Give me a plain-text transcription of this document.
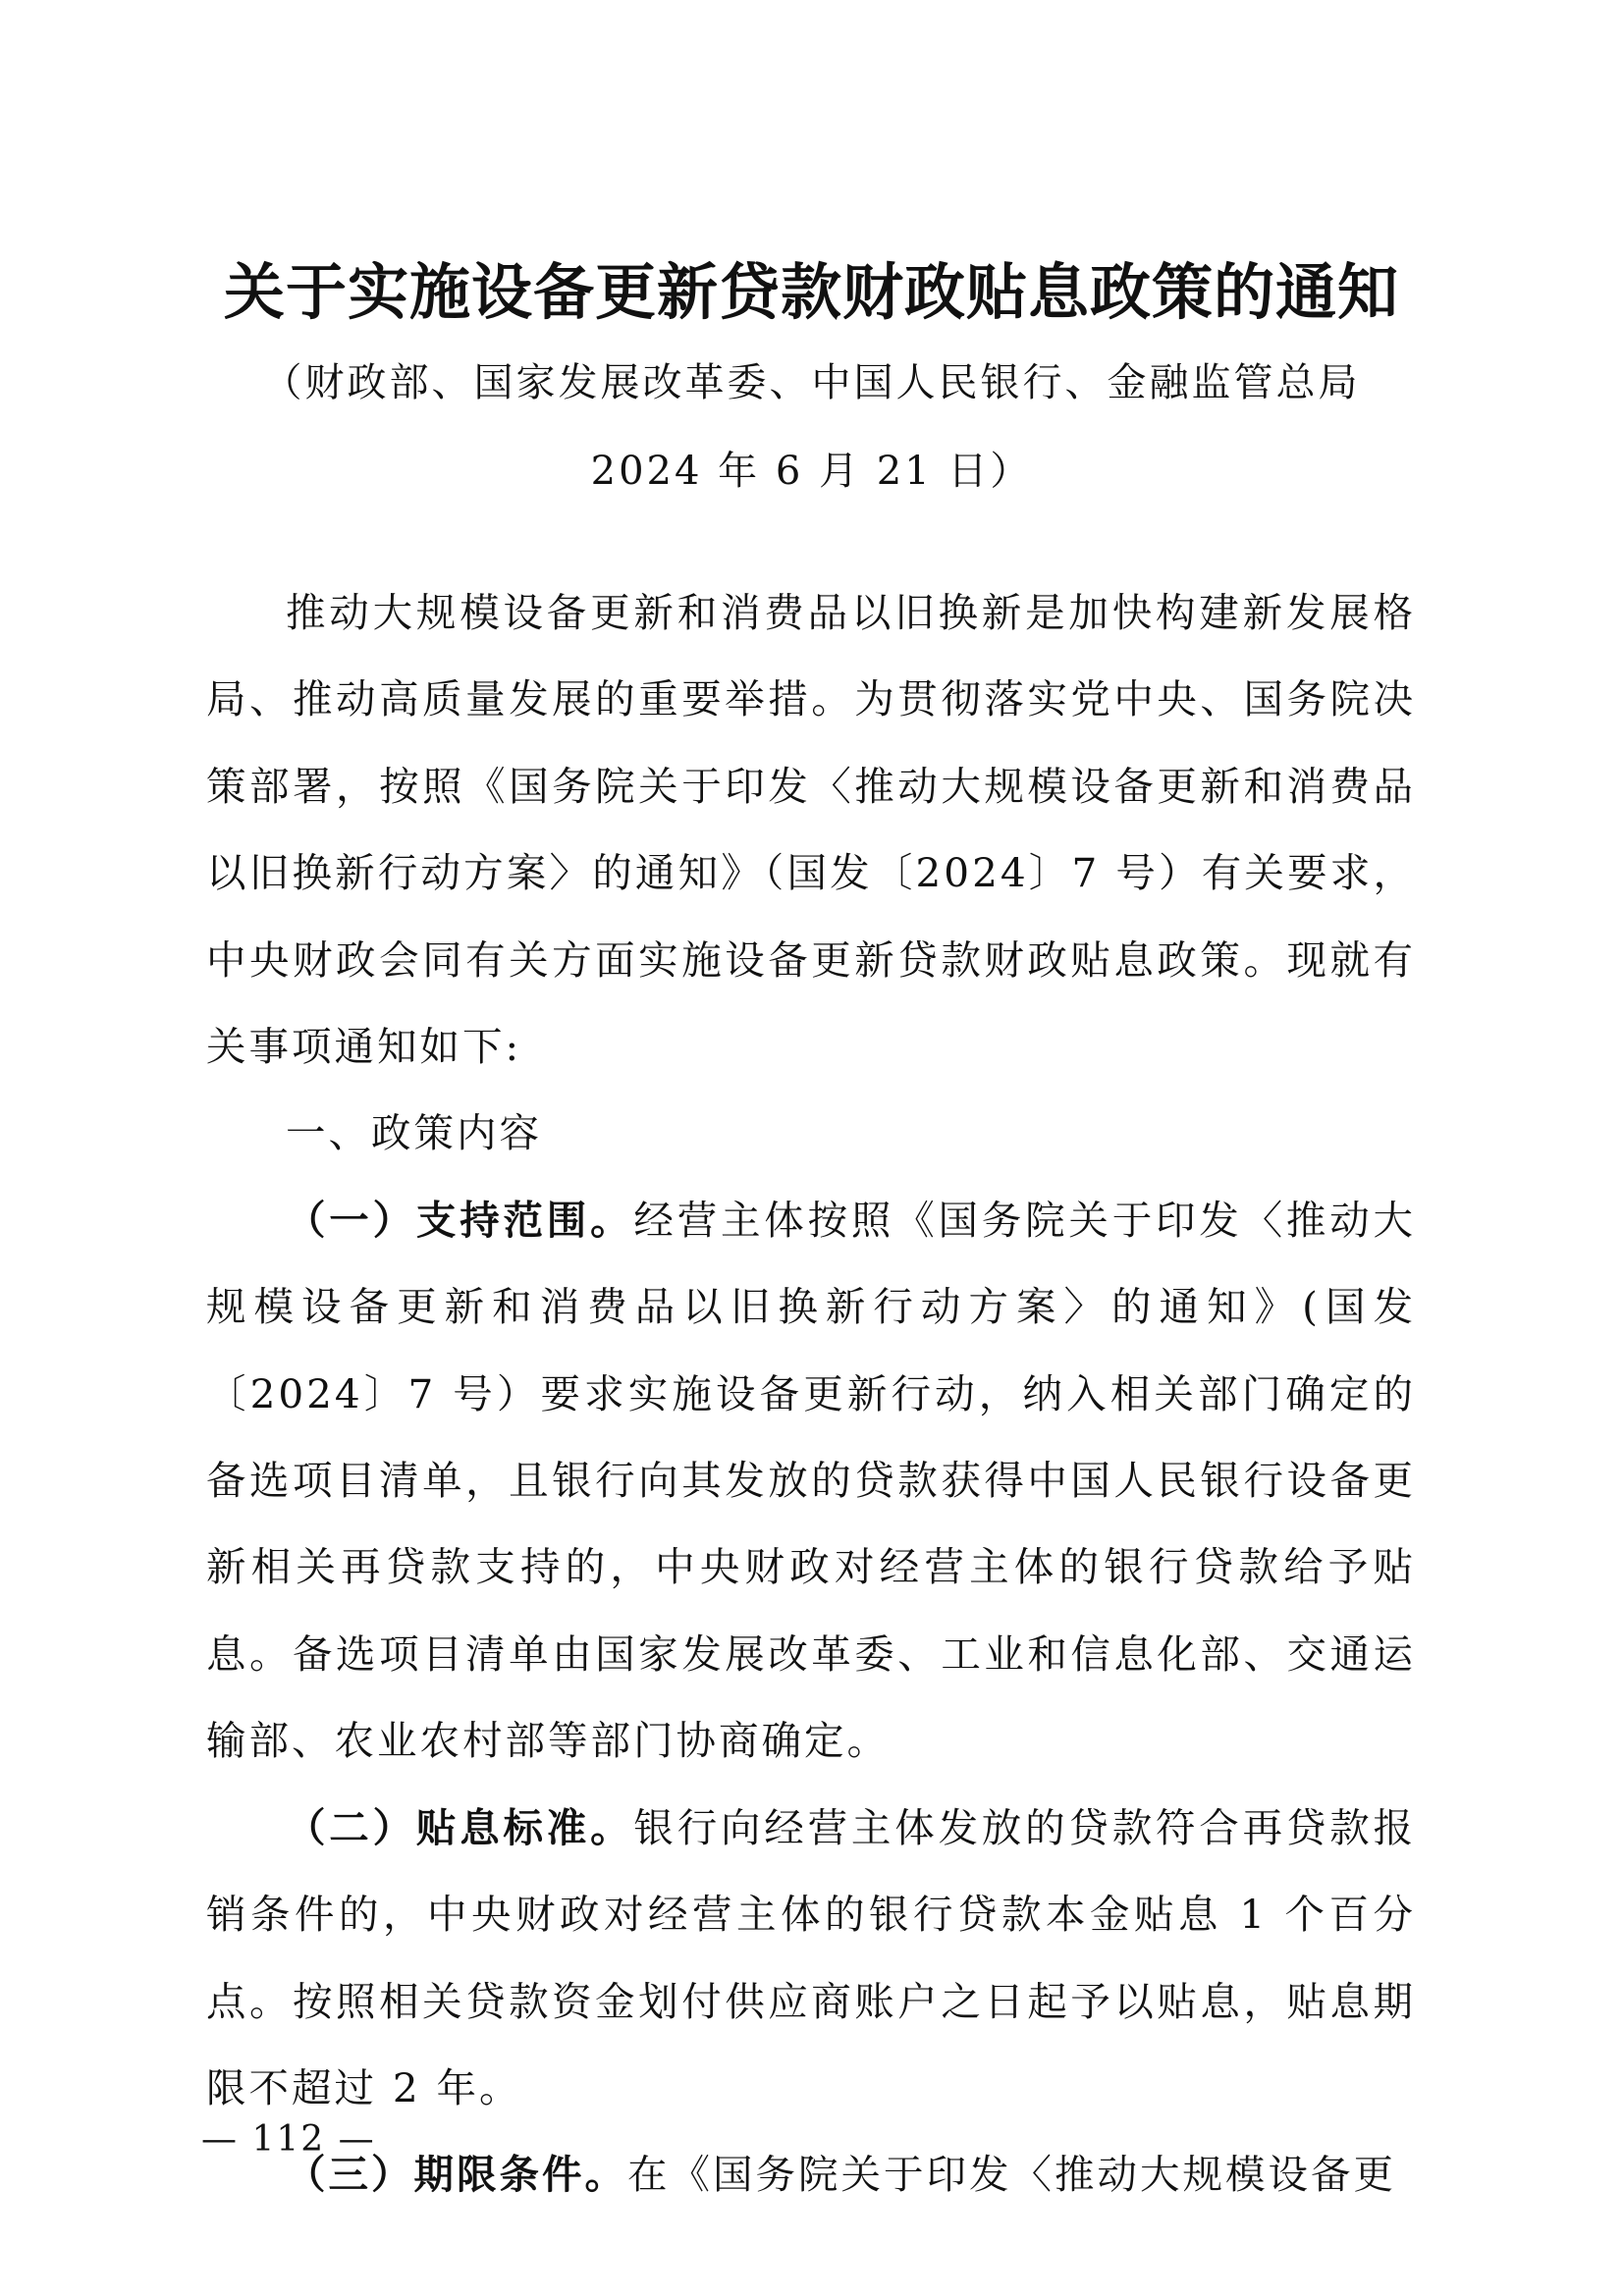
关于实施设备更新贷款财政贴息政策的通知
（财政部、国家发展改革委、中国人民银行、金融监管总局
2024 年 6 月 21 日）

推动大规模设备更新和消费品以旧换新是加快构建新发展格局、推动高质量发展的重要举措。为贯彻落实党中央、国务院决策部署，按照《国务院关于印发〈推动大规模设备更新和消费品以旧换新行动方案〉的通知》（国发〔2024〕7 号）有关要求，中央财政会同有关方面实施设备更新贷款财政贴息政策。现就有关事项通知如下:

一、政策内容

（一）支持范围。经营主体按照《国务院关于印发〈推动大规模设备更新和消费品以旧换新行动方案〉的通知》(国发〔2024〕7 号）要求实施设备更新行动，纳入相关部门确定的备选项目清单，且银行向其发放的贷款获得中国人民银行设备更新相关再贷款支持的，中央财政对经营主体的银行贷款给予贴息。备选项目清单由国家发展改革委、工业和信息化部、交通运输部、农业农村部等部门协商确定。

（二）贴息标准。银行向经营主体发放的贷款符合再贷款报销条件的，中央财政对经营主体的银行贷款本金贴息 1 个百分点。按照相关贷款资金划付供应商账户之日起予以贴息，贴息期限不超过 2 年。

（三）期限条件。在《国务院关于印发〈推动大规模设备更

— 112 —
